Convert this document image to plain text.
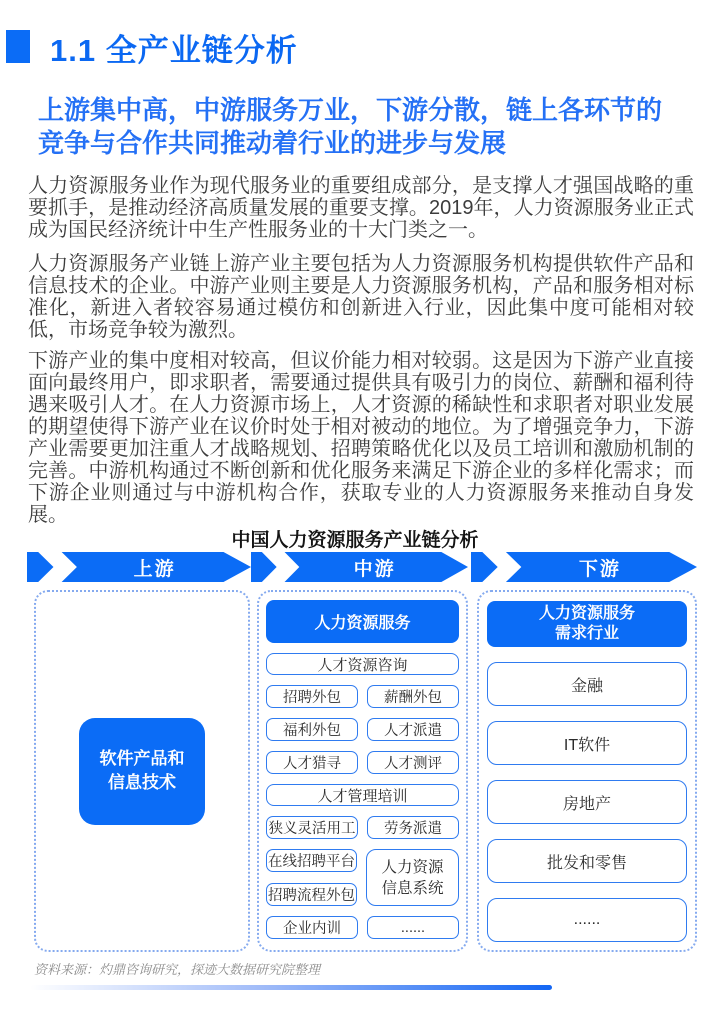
1.1 全产业链分析
上游集中高，中游服务万业，下游分散，链上各环节的竞争与合作共同推动着行业的进步与发展

人力资源服务业作为现代服务业的重要组成部分，是支撑人才强国战略的重要抓手，是推动经济高质量发展的重要支撑。2019年，人力资源服务业正式成为国民经济统计中生产性服务业的十大门类之一。

人力资源服务产业链上游产业主要包括为人力资源服务机构提供软件产品和信息技术的企业。中游产业则主要是人力资源服务机构，产品和服务相对标准化，新进入者较容易通过模仿和创新进入行业，因此集中度可能相对较低，市场竞争较为激烈。

下游产业的集中度相对较高，但议价能力相对较弱。这是因为下游产业直接面向最终用户，即求职者，需要通过提供具有吸引力的岗位、薪酬和福利待遇来吸引人才。在人力资源市场上，人才资源的稀缺性和求职者对职业发展的期望使得下游产业在议价时处于相对被动的地位。为了增强竞争力，下游产业需要更加注重人才战略规划、招聘策略优化以及员工培训和激励机制的完善。中游机构通过不断创新和优化服务来满足下游企业的多样化需求；而下游企业则通过与中游机构合作，获取专业的人力资源服务来推动自身发展。

中国人力资源服务产业链分析
上游	中游	下游
软件产品和
信息技术
人力资源服务
人才资源咨询
招聘外包	薪酬外包
福利外包	人才派遣
人才猎寻	人才测评
人才管理培训
狭义灵活用工	劳务派遣
在线招聘平台
招聘流程外包
人力资源
信息系统
企业内训	......
人力资源服务
需求行业
金融
IT软件
房地产
批发和零售
......
资料来源：灼鼎咨询研究，探迹大数据研究院整理
